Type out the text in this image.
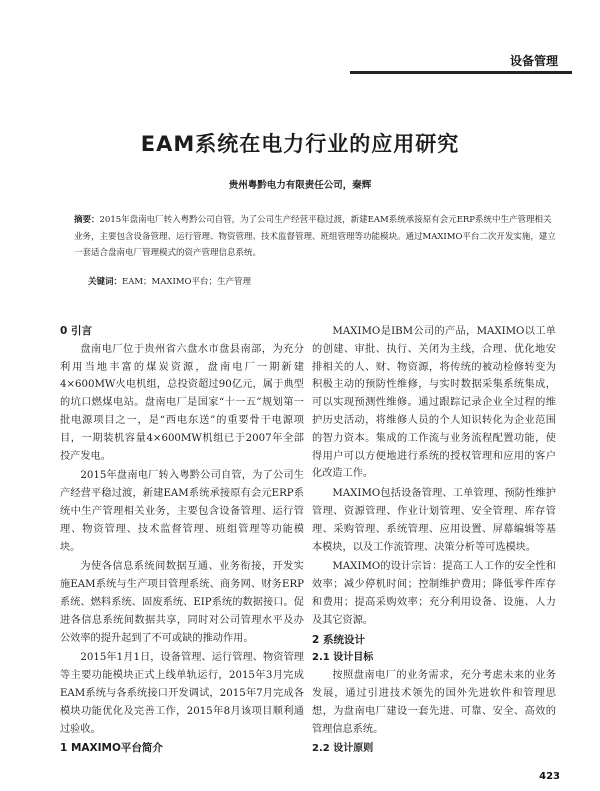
设备管理
EAM系统在电力行业的应用研究
贵州粤黔电力有限责任公司，秦辉
摘要：2015年盘南电厂转入粤黔公司自管，为了公司生产经营平稳过渡，新建EAM系统承接原有会元ERP系统中生产管理相关业务，主要包含设备管理、运行管理、物资管理、技术监督管理、班组管理等功能模块。通过MAXIMO平台二次开发实施，建立一套适合盘南电厂管理模式的资产管理信息系统。
关键词：EAM；MAXIMO平台；生产管理
0 引言

盘南电厂位于贵州省六盘水市盘县南部，为充分利用当地丰富的煤炭资源，盘南电厂一期新建4×600MW火电机组，总投资超过90亿元，属于典型的坑口燃煤电站。盘南电厂是国家“十一五”规划第一批电源项目之一，是“西电东送”的重要骨干电源项目，一期装机容量4×600MW机组已于2007年全部投产发电。

2015年盘南电厂转入粤黔公司自管，为了公司生产经营平稳过渡，新建EAM系统承接原有会元ERP系统中生产管理相关业务，主要包含设备管理、运行管理、物资管理、技术监督管理、班组管理等功能模块。

为使各信息系统间数据互通、业务衔接，开发实施EAM系统与生产项目管理系统、商务网、财务ERP系统、燃料系统、固废系统、EIP系统的数据接口。促进各信息系统间数据共享，同时对公司管理水平及办公效率的提升起到了不可或缺的推动作用。

2015年1月1日，设备管理、运行管理、物资管理等主要功能模块正式上线单轨运行，2015年3月完成EAM系统与各系统接口开发调试，2015年7月完成各模块功能优化及完善工作，2015年8月该项目顺利通过验收。

1 MAXIMO平台简介

MAXIMO是IBM公司的产品，MAXIMO以工单的创建、审批、执行、关闭为主线，合理、优化地安排相关的人、财、物资源，将传统的被动检修转变为积极主动的预防性维修，与实时数据采集系统集成，可以实现预测性维修。通过跟踪记录企业全过程的维护历史活动，将维修人员的个人知识转化为企业范围的智力资本。集成的工作流与业务流程配置功能，使得用户可以方便地进行系统的授权管理和应用的客户化改造工作。

MAXIMO包括设备管理、工单管理、预防性维护管理、资源管理、作业计划管理、安全管理、库存管理、采购管理、系统管理、应用设置、屏幕编辑等基本模块，以及工作流管理、决策分析等可选模块。

MAXIMO的设计宗旨：提高工人工作的安全性和效率；减少停机时间；控制维护费用；降低零件库存和费用；提高采购效率；充分利用设备、设施、人力及其它资源。

2 系统设计
2.1 设计目标

按照盘南电厂的业务需求，充分考虑未来的业务发展，通过引进技术领先的国外先进软件和管理思想，为盘南电厂建设一套先进、可靠、安全、高效的管理信息系统。

2.2 设计原则
423
